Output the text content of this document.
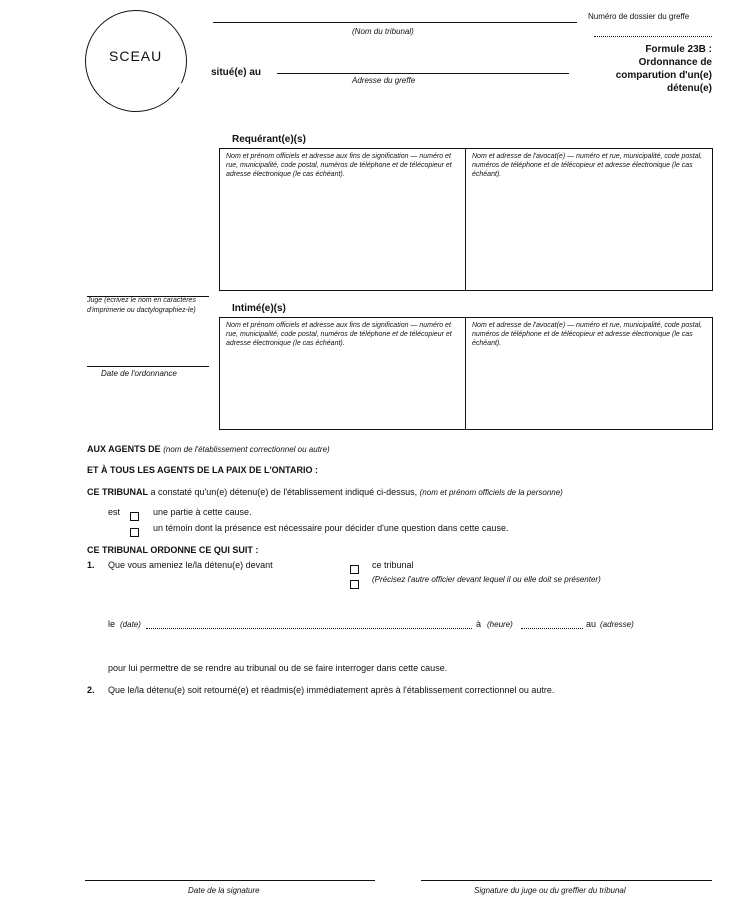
SCEAU
(Nom du tribunal)
situé(e) au
Adresse du greffe
Numéro de dossier du greffe
Formule 23B :
Ordonnance de
comparution d'un(e)
détenu(e)
Requérant(e)(s)
Nom et prénom officiels et adresse aux fins de signification — numéro et rue, municipalité, code postal, numéros de téléphone et de télécopieur et adresse électronique (le cas échéant).
Nom et adresse de l'avocat(e) — numéro et rue, municipalité, code postal, numéros de téléphone et de télécopieur et adresse électronique (le cas échéant).
Juge (écrivez le nom en caractères d'imprimerie ou dactylographiez-le)
Date de l'ordonnance
Intimé(e)(s)
Nom et prénom officiels et adresse aux fins de signification — numéro et rue, municipalité, code postal, numéros de téléphone et de télécopieur et adresse électronique (le cas échéant).
Nom et adresse de l'avocat(e) — numéro et rue, municipalité, code postal, numéros de téléphone et de télécopieur et adresse électronique (le cas échéant).
AUX AGENTS DE (nom de l'établissement correctionnel ou autre)
ET À TOUS LES AGENTS DE LA PAIX DE L'ONTARIO :
CE TRIBUNAL a constaté qu'un(e) détenu(e) de l'établissement indiqué ci-dessus, (nom et prénom officiels de la personne)
est	une partie à cette cause.
un témoin dont la présence est nécessaire pour décider d'une question dans cette cause.
CE TRIBUNAL ORDONNE CE QUI SUIT :
1. Que vous ameniez le/la détenu(e) devant	ce tribunal
(Précisez l'autre officier devant lequel il ou elle doit se présenter)
le (date)	à (heure)	au (adresse)
pour lui permettre de se rendre au tribunal ou de se faire interroger dans cette cause.
2. Que le/la détenu(e) soit retourné(e) et réadmis(e) immédiatement après à l'établissement correctionnel ou autre.
Date de la signature	Signature du juge ou du greffier du tribunal
